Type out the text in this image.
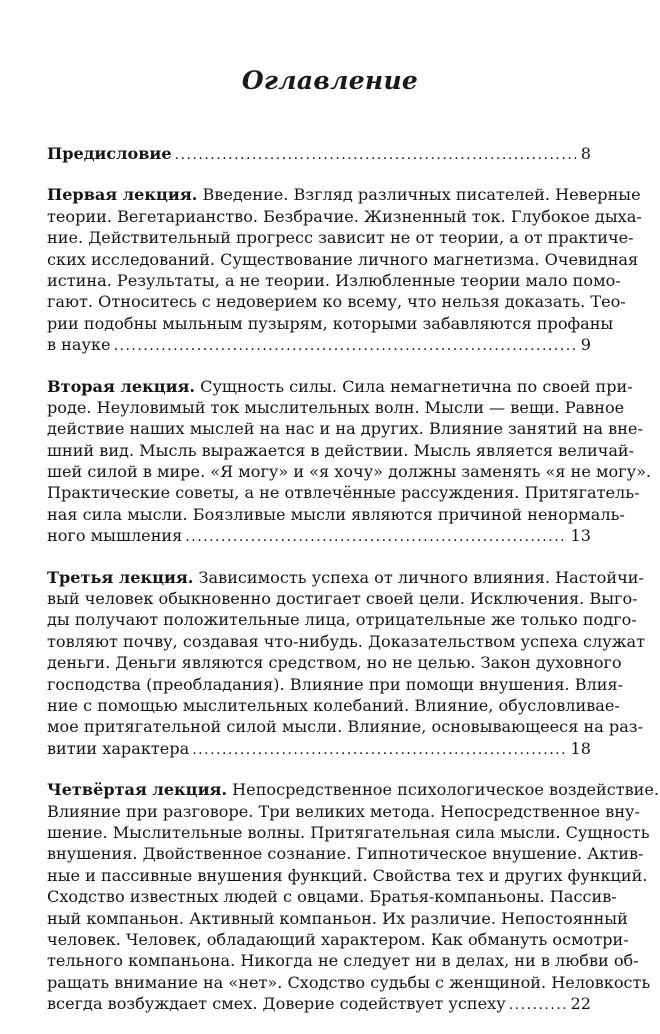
Оглавление
Предисловие .....	8
Первая лекция. Введение. Взгляд различных писателей. Неверные
теории. Вегетарианство. Безбрачие. Жизненный ток. Глубокое дыха-
ние. Действительный прогресс зависит не от теории, а от практиче-
ских исследований. Существование личного магнетизма. Очевидная
истина. Результаты, а не теории. Излюбленные теории мало помо-
гают. Относитесь с недоверием ко всему, что нельзя доказать. Тео-
рии подобны мыльным пузырям, которыми забавляются профаны
в науке .....	9
Вторая лекция. Сущность силы. Сила немагнетична по своей при-
роде. Неуловимый ток мыслительных волн. Мысли — вещи. Равное
действие наших мыслей на нас и на других. Влияние занятий на вне-
шний вид. Мысль выражается в действии. Мысль является величай-
шей силой в мире. «Я могу» и «я хочу» должны заменять «я не могу».
Практические советы, а не отвлечённые рассуждения. Притягатель-
ная сила мысли. Боязливые мысли являются причиной ненормаль-
ного мышления .....	13
Третья лекция. Зависимость успеха от личного влияния. Настойчи-
вый человек обыкновенно достигает своей цели. Исключения. Выго-
ды получают положительные лица, отрицательные же только подго-
товляют почву, создавая что-нибудь. Доказательством успеха служат
деньги. Деньги являются средством, но не целью. Закон духовного
господства (преобладания). Влияние при помощи внушения. Влия-
ние с помощью мыслительных колебаний. Влияние, обусловливае-
мое притягательной силой мысли. Влияние, основывающееся на раз-
витии характера .....	18
Четвёртая лекция. Непосредственное психологическое воздействие.
Влияние при разговоре. Три великих метода. Непосредственное вну-
шение. Мыслительные волны. Притягательная сила мысли. Сущность
внушения. Двойственное сознание. Гипнотическое внушение. Актив-
ные и пассивные внушения функций. Свойства тех и других функций.
Сходство известных людей с овцами. Братья-компаньоны. Пассив-
ный компаньон. Активный компаньон. Их различие. Непостоянный
человек. Человек, обладающий характером. Как обмануть осмотри-
тельного компаньона. Никогда не следует ни в делах, ни в любви об-
ращать внимание на «нет». Сходство судьбы с женщиной. Неловкость
всегда возбуждает смех. Доверие содействует успеху .....	22
